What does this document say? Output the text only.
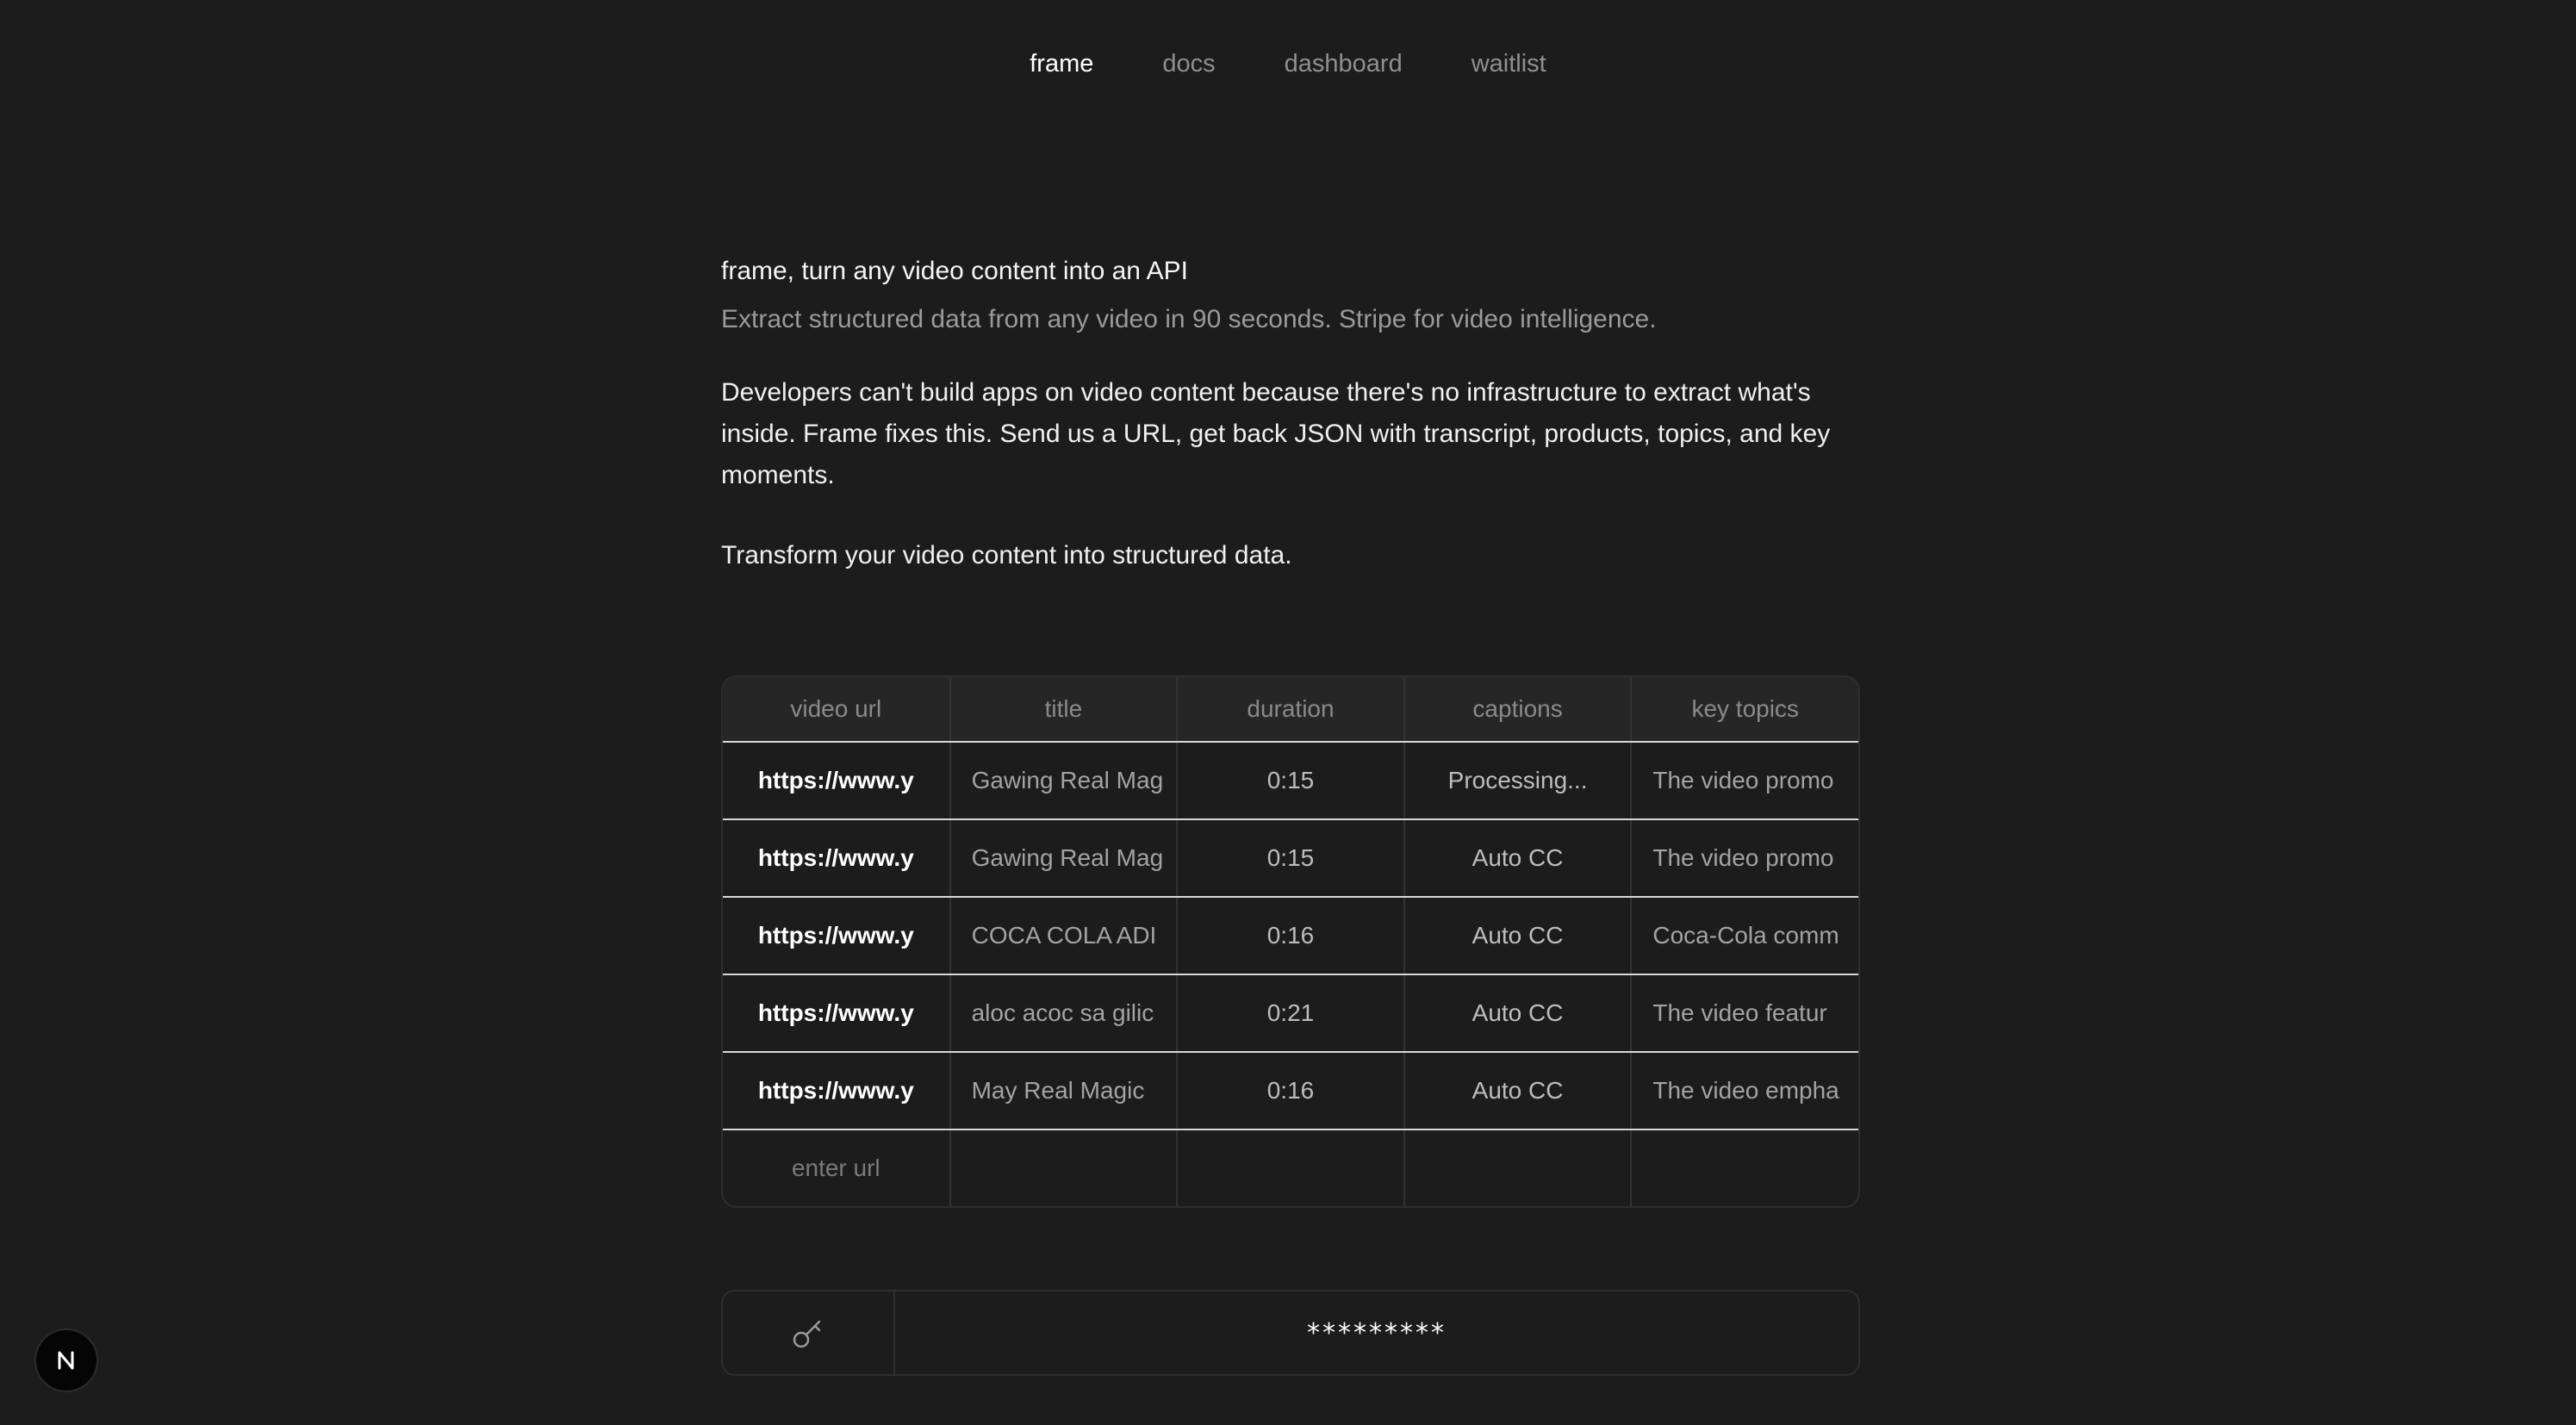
frame	docs	dashboard	waitlist

frame, turn any video content into an API

Extract structured data from any video in 90 seconds. Stripe for video intelligence.

Developers can't build apps on video content because there's no infrastructure to extract what's inside. Frame fixes this. Send us a URL, get back JSON with transcript, products, topics, and key moments.

Transform your video content into structured data.

video url	title	duration	captions	key topics
https://www.y	Gawing Real Mag	0:15	Processing...	The video promo
https://www.y	Gawing Real Mag	0:15	Auto CC	The video promo
https://www.y	COCA COLA ADI	0:16	Auto CC	Coca-Cola comm
https://www.y	aloc acoc sa gilic	0:21	Auto CC	The video featur
https://www.y	May Real Magic	0:16	Auto CC	The video empha
enter url				
*********
